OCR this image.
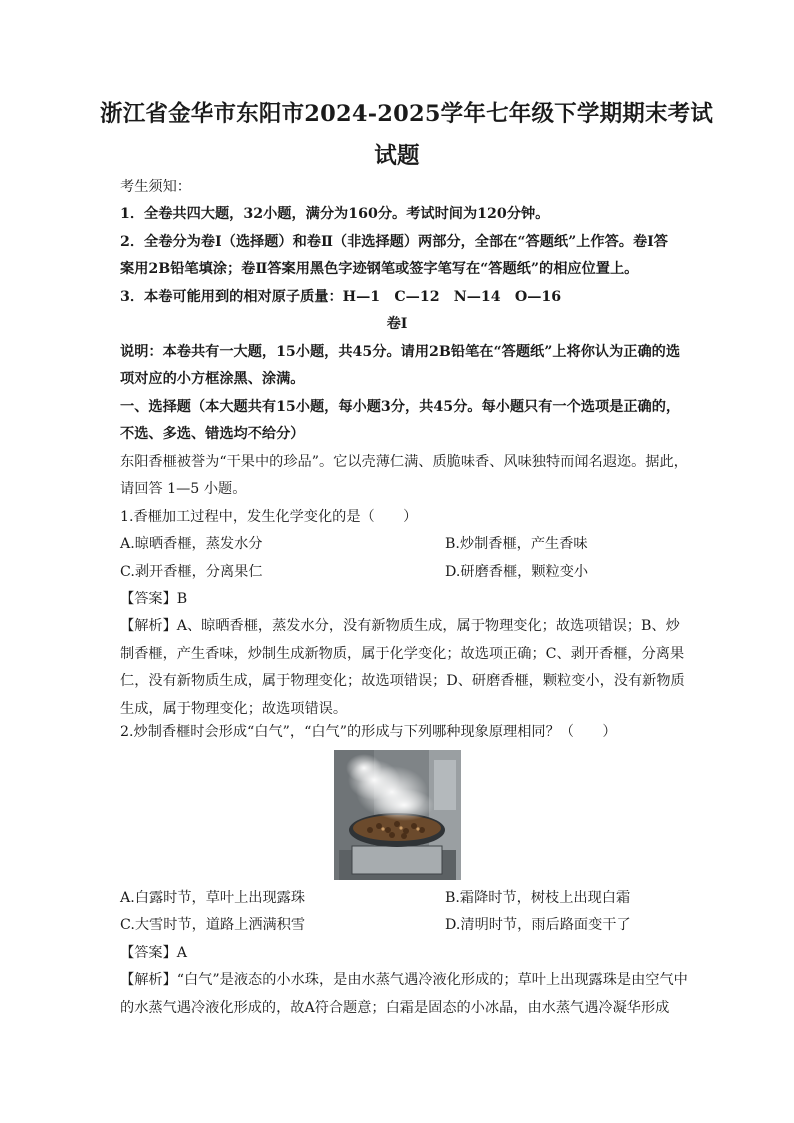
浙江省金华市东阳市2024-2025学年七年级下学期期末考试
试题
考生须知：
1．全卷共四大题，32小题，满分为160分。考试时间为120分钟。
2．全卷分为卷Ⅰ（选择题）和卷Ⅱ（非选择题）两部分，全部在“答题纸”上作答。卷Ⅰ答
案用2B铅笔填涂；卷Ⅱ答案用黑色字迹钢笔或签字笔写在“答题纸”的相应位置上。
3．本卷可能用到的相对原子质量：H—1　C—12　N—14　O—16
卷Ⅰ
说明：本卷共有一大题，15小题，共45分。请用2B铅笔在“答题纸”上将你认为正确的选
项对应的小方框涂黑、涂满。
一、选择题（本大题共有15小题，每小题3分，共45分。每小题只有一个选项是正确的，
不选、多选、错选均不给分）
东阳香榧被誉为“干果中的珍品”。它以壳薄仁满、质脆味香、风味独特而闻名遐迩。据此，
请回答 1—5 小题。
1.香榧加工过程中，发生化学变化的是（　　）
A.晾晒香榧，蒸发水分	B.炒制香榧，产生香味
C.剥开香榧，分离果仁	D.研磨香榧，颗粒变小
【答案】B
【解析】A、晾晒香榧，蒸发水分，没有新物质生成，属于物理变化；故选项错误；B、炒
制香榧，产生香味，炒制生成新物质，属于化学变化；故选项正确；C、剥开香榧，分离果
仁，没有新物质生成，属于物理变化；故选项错误；D、研磨香榧，颗粒变小，没有新物质
生成，属于物理变化；故选项错误。
2.炒制香榧时会形成“白气”，“白气”的形成与下列哪种现象原理相同？（　　）
A.白露时节，草叶上出现露珠	B.霜降时节，树枝上出现白霜
C.大雪时节，道路上洒满积雪	D.清明时节，雨后路面变干了
【答案】A
【解析】“白气”是液态的小水珠，是由水蒸气遇冷液化形成的；草叶上出现露珠是由空气中
的水蒸气遇冷液化形成的，故A符合题意；白霜是固态的小冰晶，由水蒸气遇冷凝华形成
